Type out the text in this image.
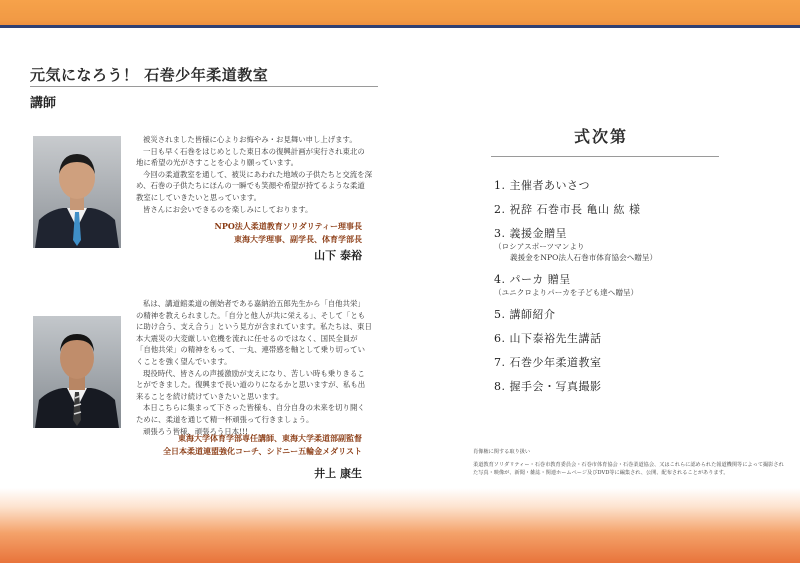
元気になろう！ 石巻少年柔道教室
講師

被災されました皆様に心よりお悔やみ・お見舞い申し上げます。

一日も早く石巻をはじめとした東日本の復興計画が実行され東北の地に希望の光がさすことを心より願っています。

今回の柔道教室を通して、被災にあわれた地域の子供たちと交流を深め、石巻の子供たちにほんの一瞬でも笑顔や希望が持てるような柔道教室にしていきたいと思っています。

皆さんにお会いできるのを楽しみにしております。

NPO法人柔道教育ソリダリティー理事長
東海大学理事、副学長、体育学部長
山下 泰裕

私は、講道館柔道の創始者である嘉納治五郎先生から「自他共栄」の精神を教えられました。「自分と他人が共に栄える」、そして「ともに助け合う、支え合う」という見方が含まれています。私たちは、東日本大震災の大変厳しい危機を流れに任せるのではなく、国民全員が「自他共栄」の精神をもって、一丸、連帯感を軸として乗り切っていくことを強く望んでいます。

現役時代、皆さんの声援激励が支えになり、苦しい時も乗りきることができました。復興まで長い道のりになるかと思いますが、私も出来ることを続け続けていきたいと思います。

本日こちらに集まって下さった皆様も、自分自身の未来を切り開くために、柔道を通じて精一杯頑張って行きましょう。

頑張ろう皆様、頑張ろう日本!!!

東海大学体育学部専任講師、東海大学柔道部副監督
全日本柔道連盟強化コーチ、シドニー五輪金メダリスト
井上 康生
式次第
1. 主催者あいさつ
2. 祝辞 石巻市長 亀山 紘 様
3. 義援金贈呈
（ロシアスポーツマンより
義援金をNPO法人石巻市体育協会へ贈呈）
4. パーカ 贈呈
（ユニクロよりパーカを子ども達へ贈呈）
5. 講師紹介
6. 山下泰裕先生講話
7. 石巻少年柔道教室
8. 握手会・写真撮影
肖像権に関する取り扱い
柔道教育ソリダリティー・石巻市教育委員会・石巻市体育協会・石巻柔道協会、又はこれらに認められた報道機関等によって撮影された写真・映像が、新聞・雑誌・関連ホームページ及びDVD等に編集され、公開、配布されることがあります。
